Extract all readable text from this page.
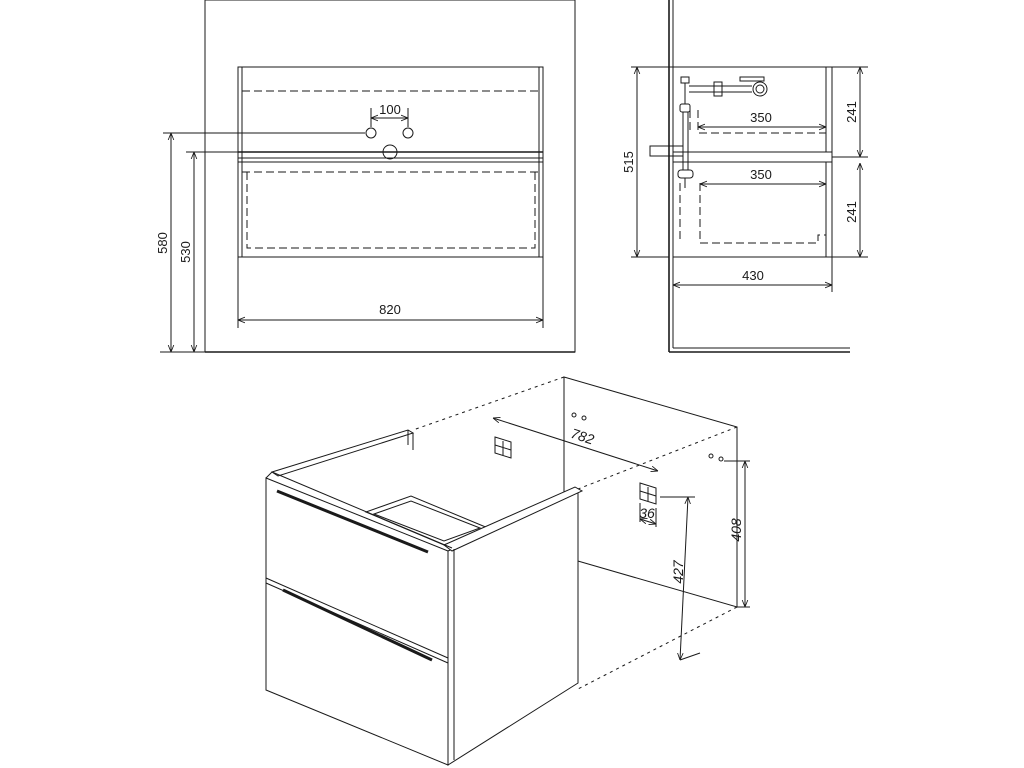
100
820
580 530
350
350
515
241
241
430
782
36
427
408
